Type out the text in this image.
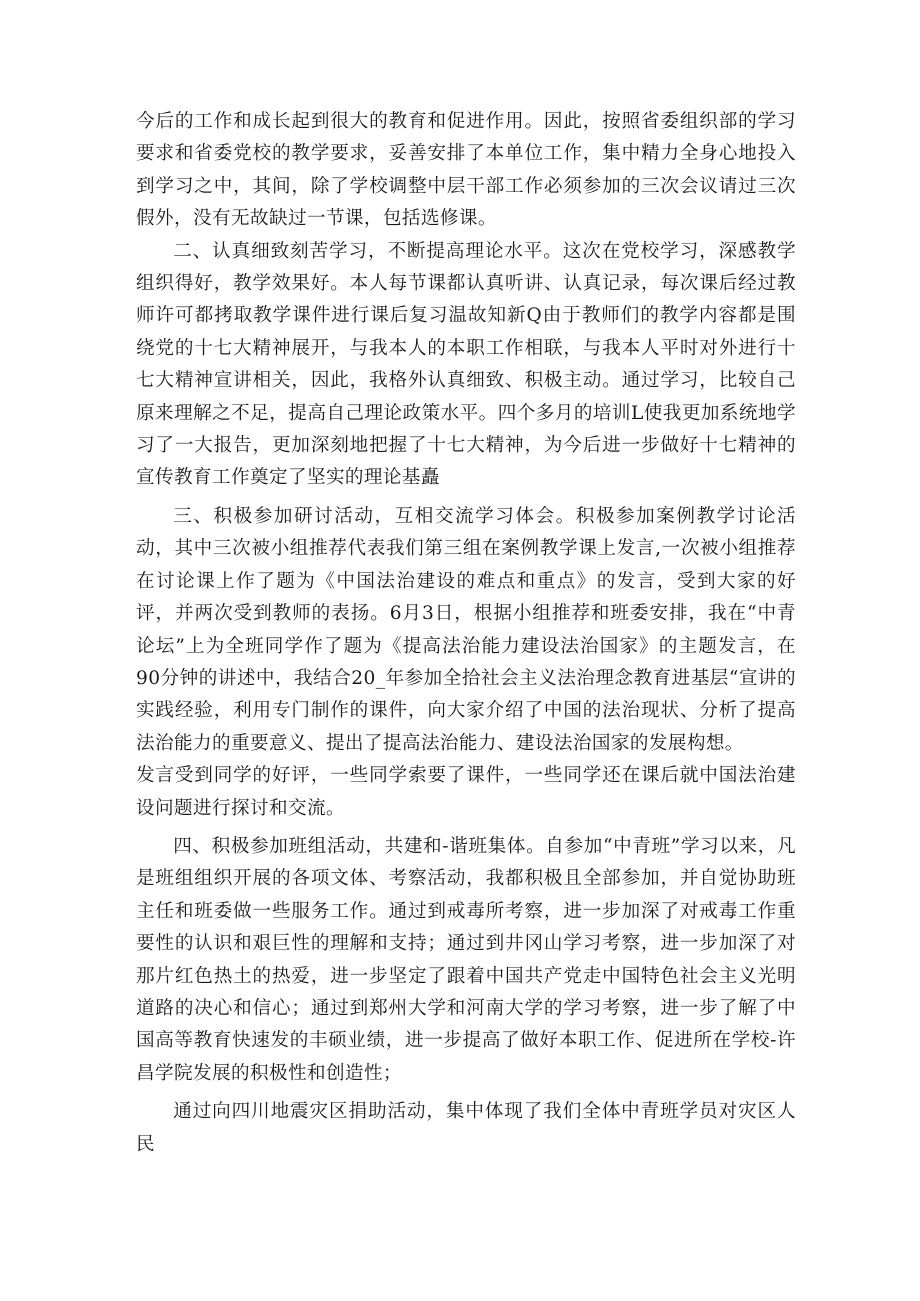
今后的工作和成长起到很大的教育和促进作用。因此，按照省委组织部的学习要求和省委党校的教学要求，妥善安排了本单位工作，集中精力全身心地投入到学习之中，其间，除了学校调整中层干部工作必须参加的三次会议请过三次假外，没有无故缺过一节课，包括选修课。

二、认真细致刻苦学习，不断提高理论水平。这次在党校学习，深感教学组织得好，教学效果好。本人每节课都认真听讲、认真记录，每次课后经过教师许可都拷取教学课件进行课后复习温故知新Q由于教师们的教学内容都是围绕党的十七大精神展开，与我本人的本职工作相联，与我本人平时对外进行十七大精神宣讲相关，因此，我格外认真细致、积极主动。通过学习，比较自己原来理解之不足，提高自己理论政策水平。四个多月的培训L使我更加系统地学习了一大报告，更加深刻地把握了十七大精神，为今后进一步做好十七精神的宣传教育工作奠定了坚实的理论基矗

三、积极参加研讨活动，互相交流学习体会。积极参加案例教学讨论活动，其中三次被小组推荐代表我们第三组在案例教学课上发言,一次被小组推荐在讨论课上作了题为《中国法治建设的难点和重点》的发言，受到大家的好评，并两次受到教师的表扬。6月3日，根据小组推荐和班委安排，我在“中青论坛”上为全班同学作了题为《提高法治能力建设法治国家》的主题发言，在90分钟的讲述中，我结合20_年参加全拾社会主义法治理念教育进基层“宣讲的实践经验，利用专门制作的课件，向大家介绍了中国的法治现状、分析了提高法治能力的重要意义、提出了提高法治能力、建设法治国家的发展构想。

发言受到同学的好评，一些同学索要了课件，一些同学还在课后就中国法治建设问题进行探讨和交流。

四、积极参加班组活动，共建和-谐班集体。自参加“中青班”学习以来，凡是班组组织开展的各项文体、考察活动，我都积极且全部参加，并自觉协助班主任和班委做一些服务工作。通过到戒毒所考察，进一步加深了对戒毒工作重要性的认识和艰巨性的理解和支持；通过到井冈山学习考察，进一步加深了对那片红色热土的热爱，进一步坚定了跟着中国共产党走中国特色社会主义光明道路的决心和信心；通过到郑州大学和河南大学的学习考察，进一步了解了中国高等教育快速发的丰硕业绩，进一步提高了做好本职工作、促进所在学校-许昌学院发展的积极性和创造性；

通过向四川地震灾区捐助活动，集中体现了我们全体中青班学员对灾区人民
